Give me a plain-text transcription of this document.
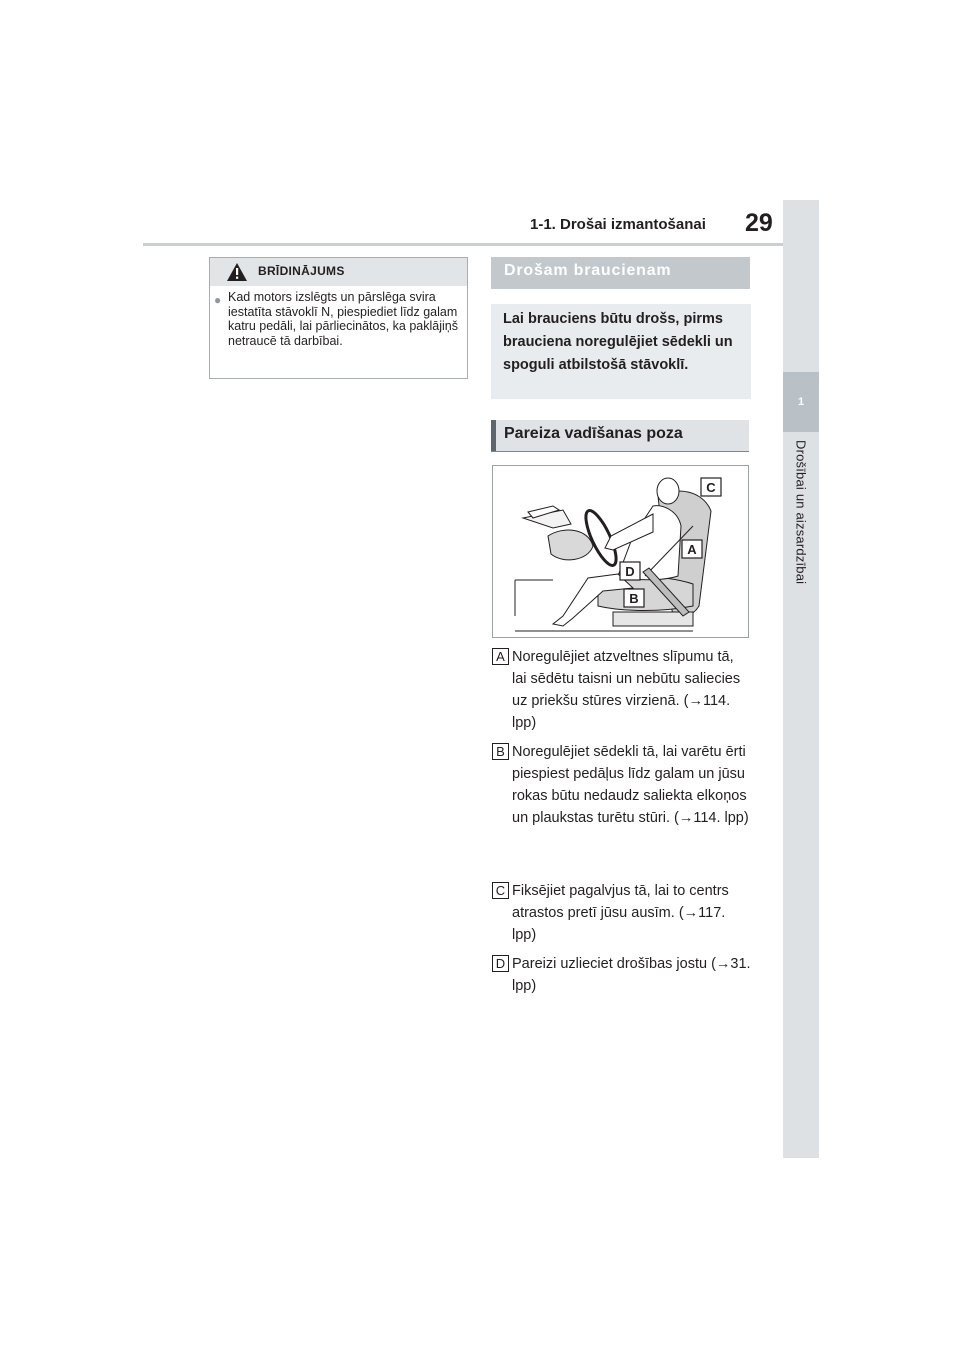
1-1. Drošai izmantošanai 29
1
Drošībai un aizsardzībai
BRĪDINĀJUMS
● Kad motors izslēgts un pārslēga svira iestatīta stāvoklī N, piespiediet līdz galam katru pedāli, lai pārliecinātos, ka paklājiņš netraucē tā darbībai.
Drošam braucienam
Lai brauciens būtu drošs, pirms brauciena noregulējiet sēdekli un spoguli atbilstošā stāvoklī.
Pareiza vadīšanas poza
C
A
D
B
A Noregulējiet atzveltnes slīpumu tā, lai sēdētu taisni un nebūtu saliecies uz priekšu stūres virzienā. (→114. lpp)
B Noregulējiet sēdekli tā, lai varētu ērti piespiest pedāļus līdz galam un jūsu rokas būtu nedaudz saliekta elkoņos un plaukstas turētu stūri. (→114. lpp)
C Fiksējiet pagalvjus tā, lai to centrs atrastos pretī jūsu ausīm. (→117. lpp)
D Pareizi uzlieciet drošības jostu (→31. lpp)
